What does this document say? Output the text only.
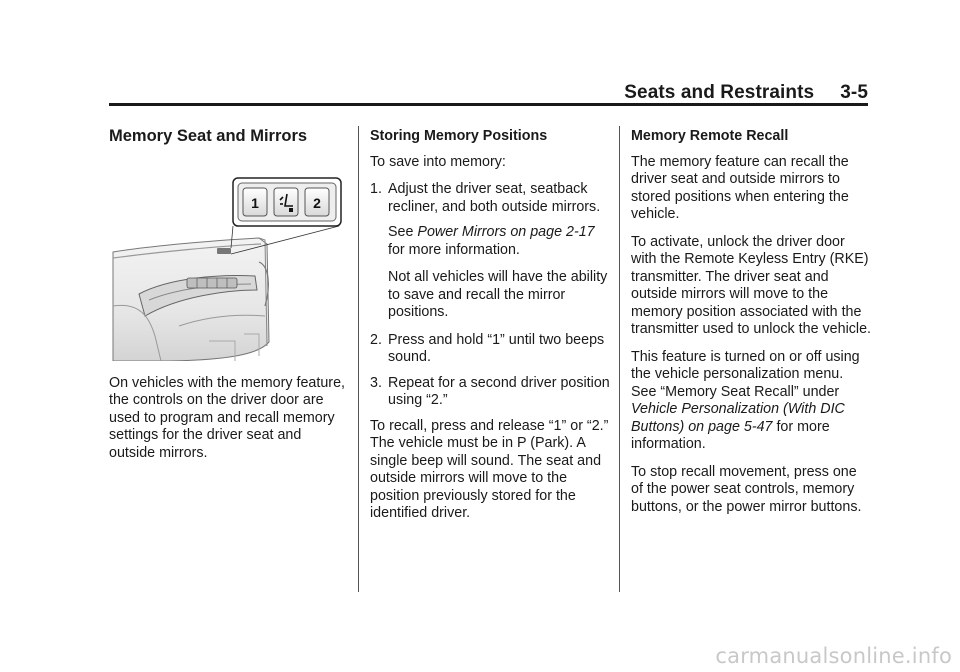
Seats and Restraints 3-5
Memory Seat and Mirrors
1	2

On vehicles with the memory feature, the controls on the driver door are used to program and recall memory settings for the driver seat and outside mirrors.

Storing Memory Positions

To save into memory:

1. Adjust the driver seat, seatback recliner, and both outside mirrors.

See Power Mirrors on page 2-17 for more information.

Not all vehicles will have the ability to save and recall the mirror positions.

2. Press and hold “1” until two beeps sound.
3. Repeat for a second driver position using “2.”

To recall, press and release “1” or “2.” The vehicle must be in P (Park). A single beep will sound. The seat and outside mirrors will move to the position previously stored for the identified driver.

Memory Remote Recall

The memory feature can recall the driver seat and outside mirrors to stored positions when entering the vehicle.

To activate, unlock the driver door with the Remote Keyless Entry (RKE) transmitter. The driver seat and outside mirrors will move to the memory position associated with the transmitter used to unlock the vehicle.

This feature is turned on or off using the vehicle personalization menu. See “Memory Seat Recall” under Vehicle Personalization (With DIC Buttons) on page 5-47 for more information.

To stop recall movement, press one of the power seat controls, memory buttons, or the power mirror buttons.

carmanualsonline.info
